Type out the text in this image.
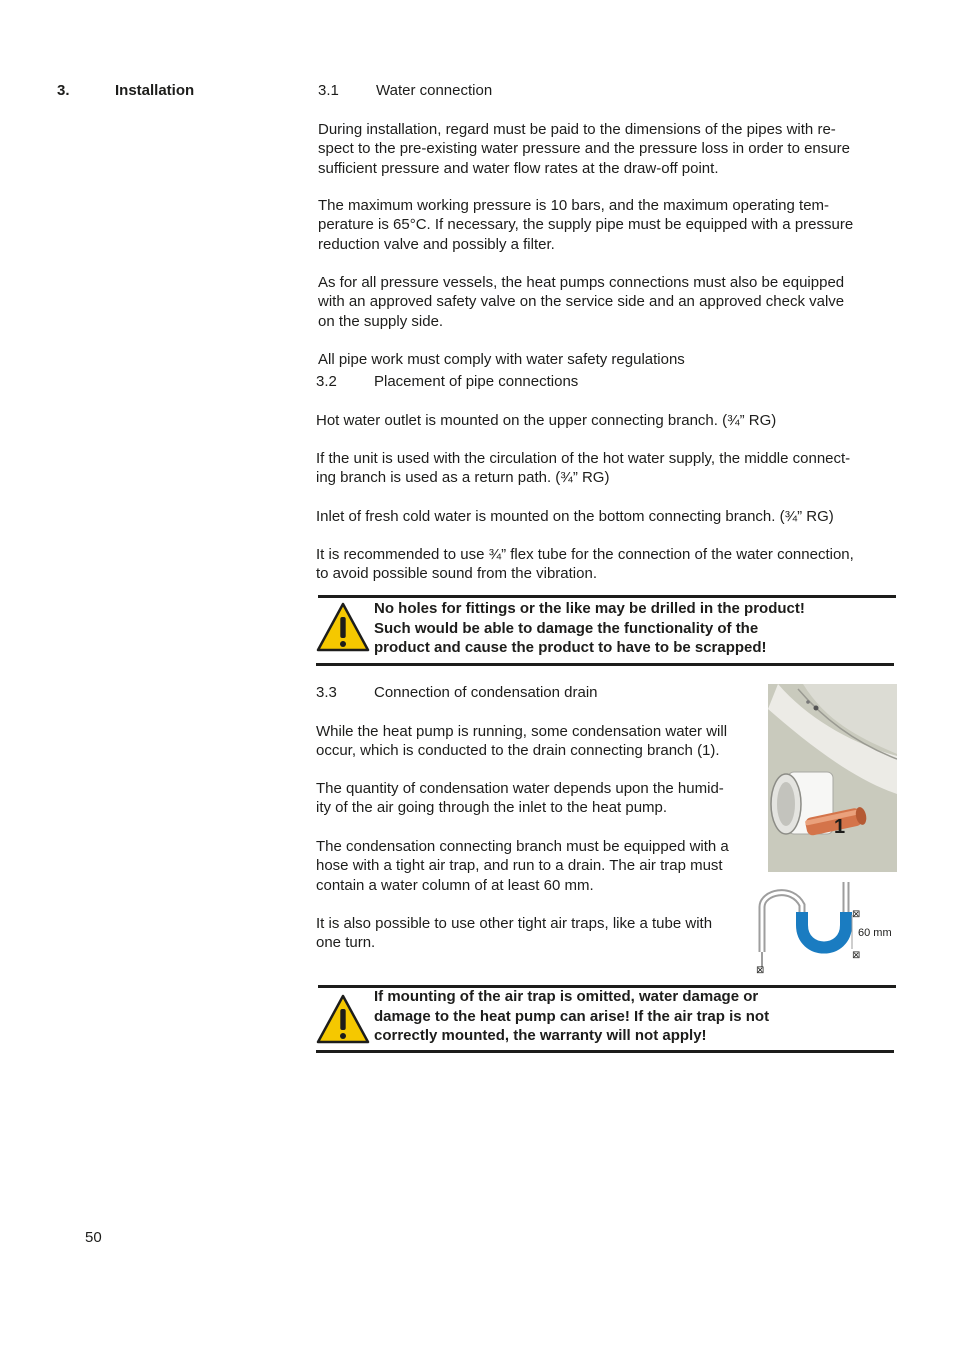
3.	Installation	3.1 Water connection
During installation, regard must be paid to the dimensions of the pipes with re-
spect to the pre-existing water pressure and the pressure loss in order to ensure
sufficient pressure and water flow rates at the draw-off point.
The maximum working pressure is 10 bars, and the maximum operating tem-
perature is 65°C. If necessary, the supply pipe must be equipped with a pressure
reduction valve and possibly a filter.
As for all pressure vessels, the heat pumps connections must also be equipped
with an approved safety valve on the service side and an approved check valve
on the supply side.
All pipe work must comply with water safety regulations
3.2 Placement of pipe connections
Hot water outlet is mounted on the upper connecting branch. (¾” RG)
If the unit is used with the circulation of the hot water supply, the middle connect-
ing branch is used as a return path. (¾” RG)
Inlet of fresh cold water is mounted on the bottom connecting branch. (¾” RG)
It is recommended to use ¾” flex tube for the connection of the water connection,
to avoid possible sound from the vibration.
No holes for fittings or the like may be drilled in the product!
Such would be able to damage the functionality of the
product and cause the product to have to be scrapped!
3.3 Connection of condensation drain
While the heat pump is running, some condensation water will
occur, which is conducted to the drain connecting branch (1).
The quantity of condensation water depends upon the humid-
ity of the air going through the inlet to the heat pump.
The condensation connecting branch must be equipped with a
hose with a tight air trap, and run to a drain. The air trap must
contain a water column of at least 60 mm.
It is also possible to use other tight air traps, like a tube with
one turn.
1
⊠
60 mm
⊠
⊠
If mounting of the air trap is omitted, water damage or
damage to the heat pump can arise! If the air trap is not
correctly mounted, the warranty will not apply!
50
